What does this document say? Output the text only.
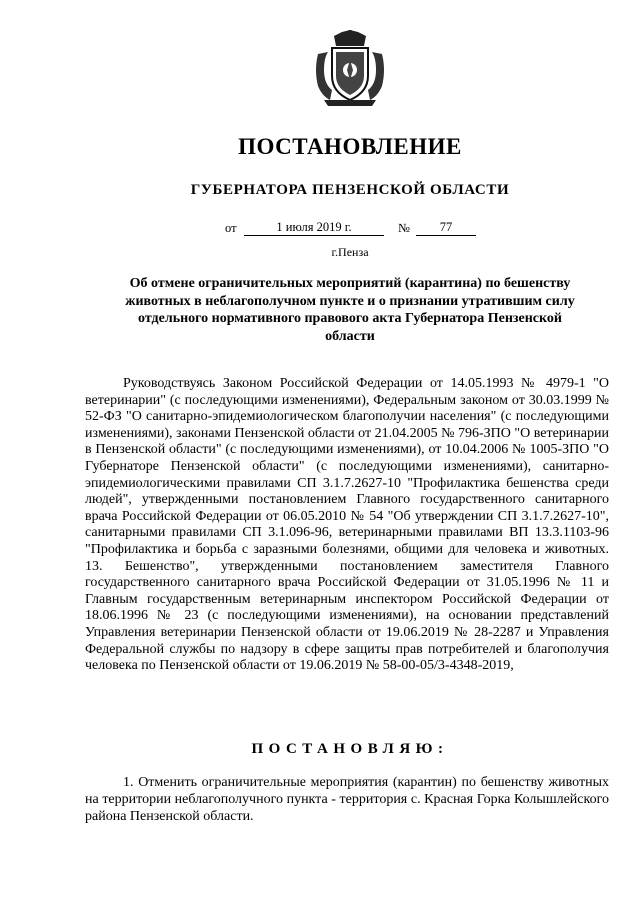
ПОСТАНОВЛЕНИЕ
ГУБЕРНАТОРА ПЕНЗЕНСКОЙ ОБЛАСТИ
от	1 июля 2019 г.	№	77
г.Пенза
Об отмене ограничительных мероприятий (карантина) по бешенству животных в неблагополучном пункте и о признании утратившим силу отдельного нормативного правового акта Губернатора Пензенской области
Руководствуясь Законом Российской Федерации от 14.05.1993 № 4979-1 "О ветеринарии" (с последующими изменениями), Федеральным законом от 30.03.1999 № 52-ФЗ "О санитарно-эпидемиологическом благополучии населения" (с последующими изменениями), законами Пензенской области от 21.04.2005 № 796-ЗПО "О ветеринарии в Пензенской области" (с последующими изменениями), от 10.04.2006 № 1005-ЗПО "О Губернаторе Пензенской области" (с последующими изменениями), санитарно-эпидемиологическими правилами СП 3.1.7.2627-10 "Профилактика бешенства среди людей", утвержденными постановлением Главного государственного санитарного врача Российской Федерации от 06.05.2010 № 54 "Об утверждении СП 3.1.7.2627-10", санитарными правилами СП 3.1.096-96, ветеринарными правилами ВП 13.3.1103-96 "Профилактика и борьба с заразными болезнями, общими для человека и животных. 13. Бешенство", утвержденными постановлением заместителя Главного государственного санитарного врача Российской Федерации от 31.05.1996 № 11 и Главным государственным ветеринарным инспектором Российской Федерации от 18.06.1996 № 23 (с последующими изменениями), на основании представлений Управления ветеринарии Пензенской области от 19.06.2019 № 28-2287 и Управления Федеральной службы по надзору в сфере защиты прав потребителей и благополучия человека по Пензенской области от 19.06.2019 № 58-00-05/3-4348-2019,
ПОСТАНОВЛЯЮ:
1. Отменить ограничительные мероприятия (карантин) по бешенству животных на территории неблагополучного пункта - территория с. Красная Горка Колышлейского района Пензенской области.
